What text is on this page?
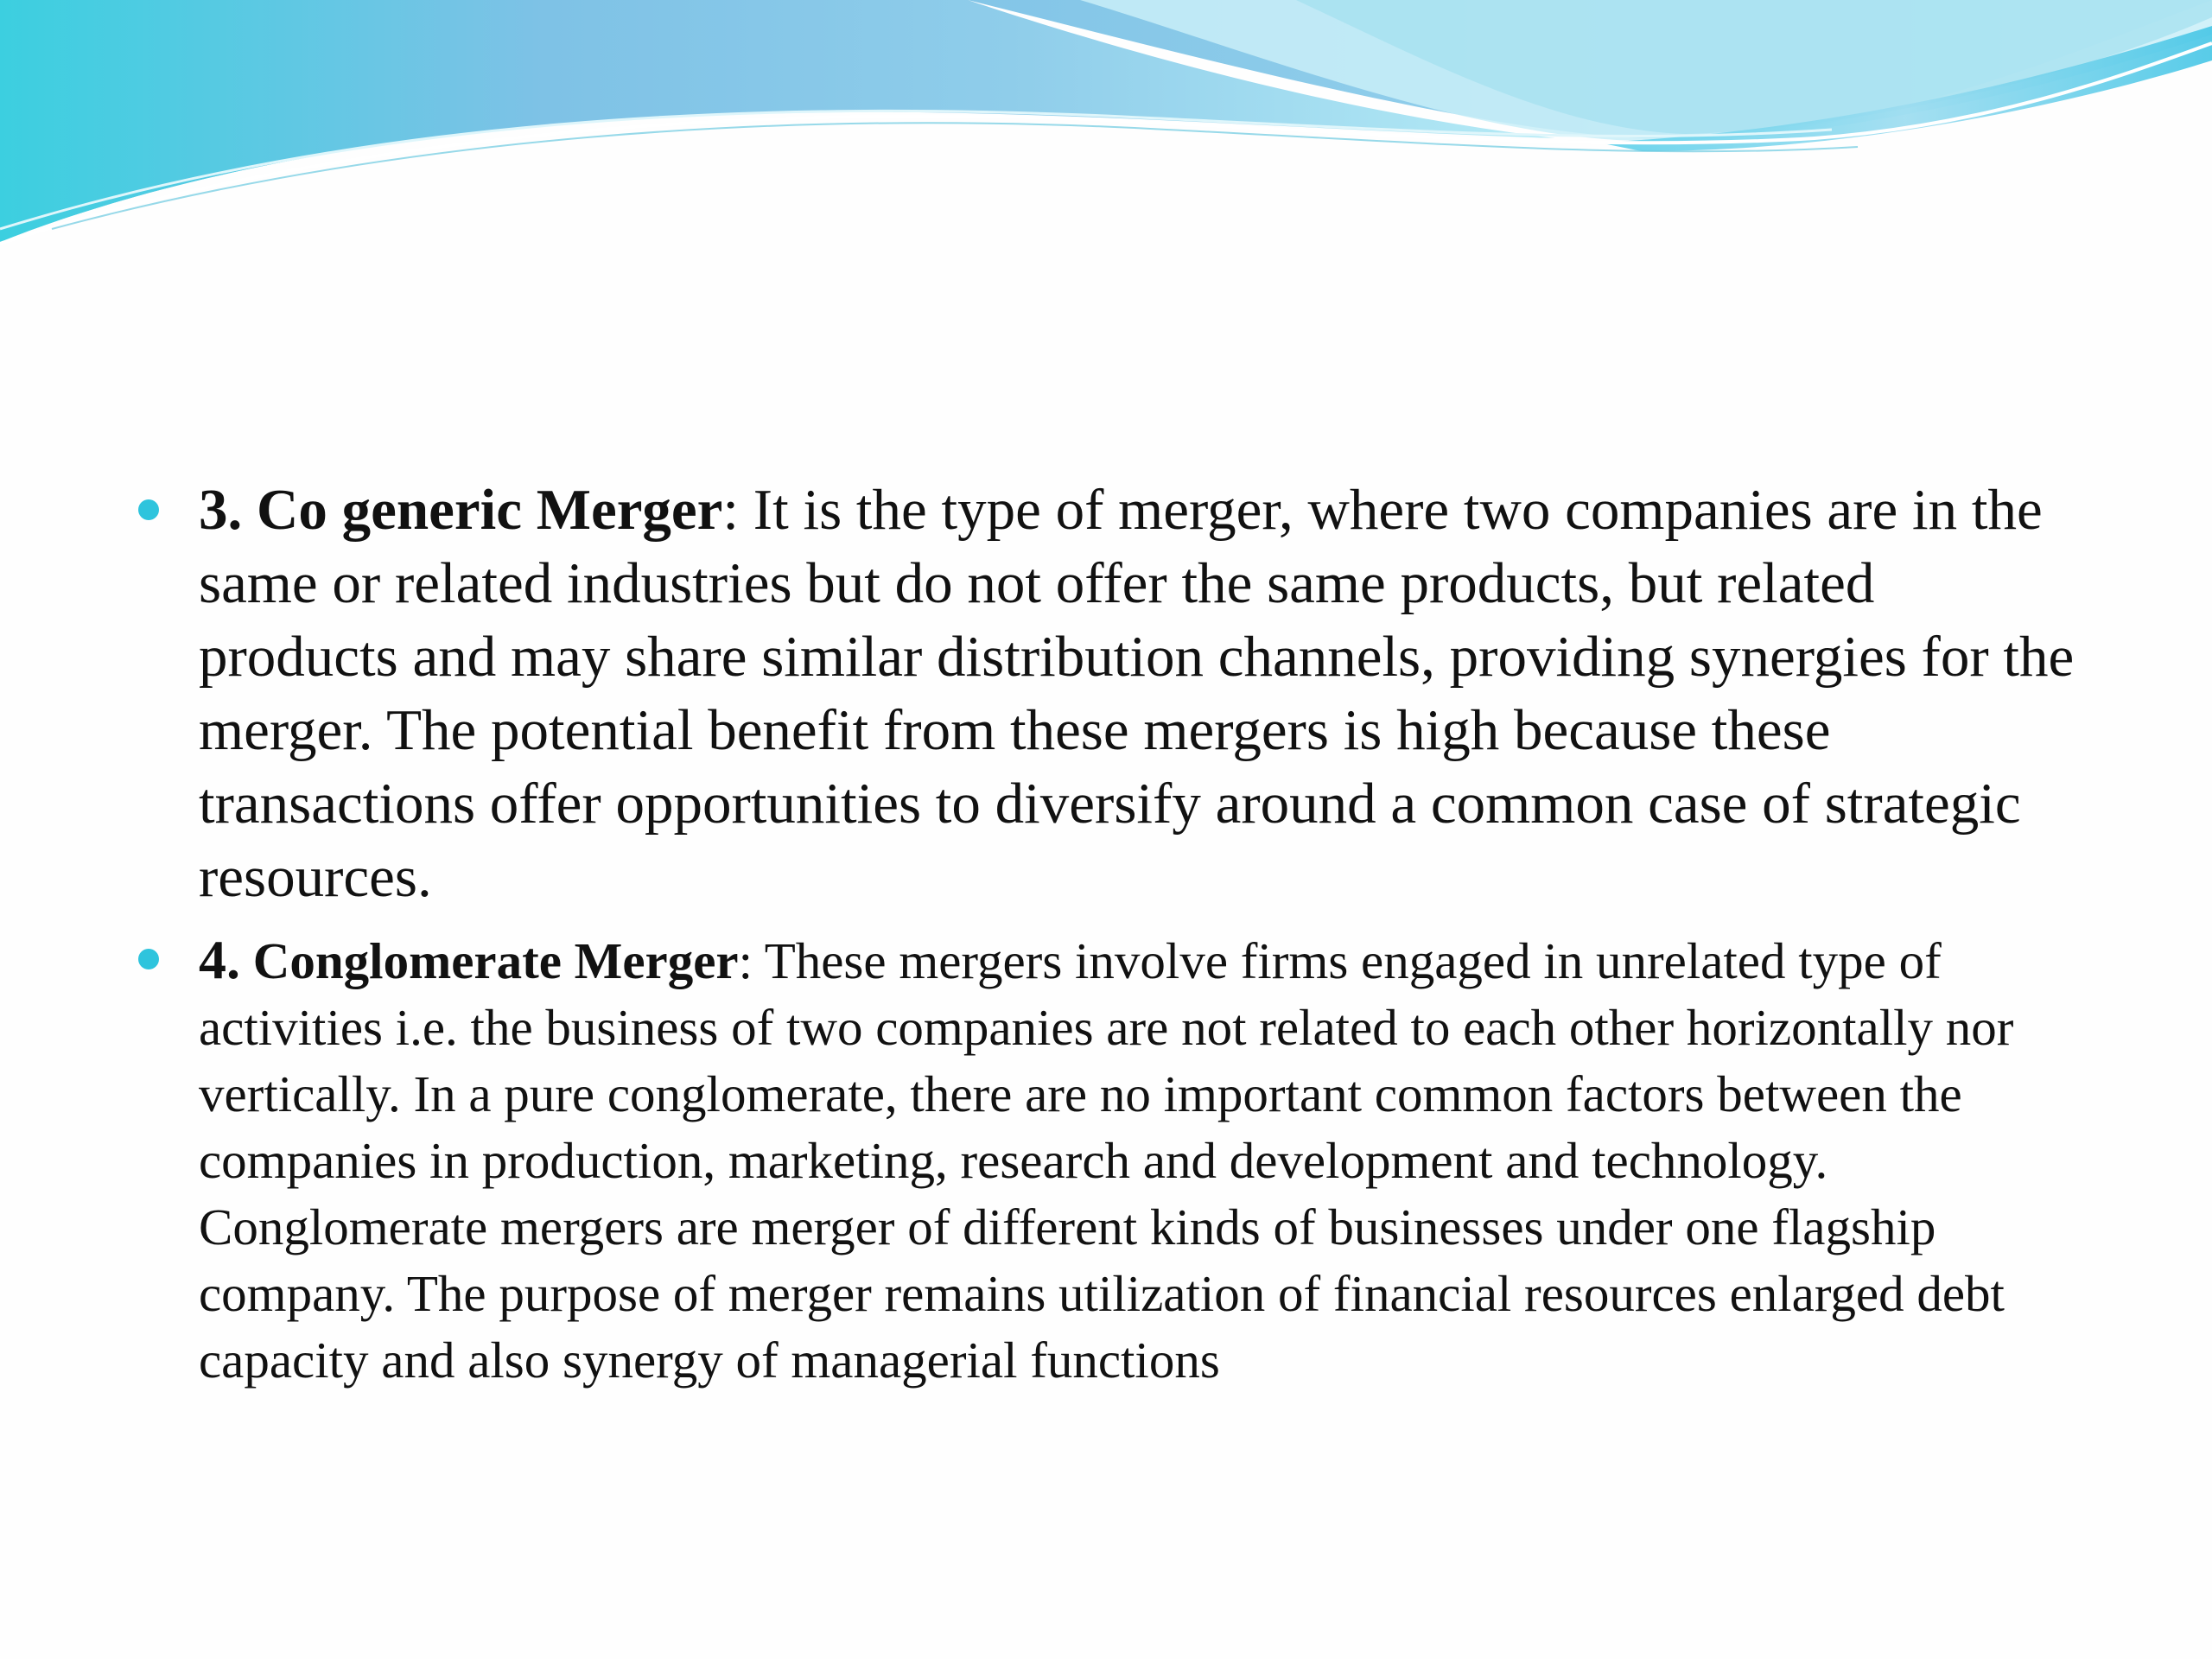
3. Co generic Merger: It is the type of merger, where two companies are in the same or related industries but do not offer the same products, but related products and may share similar distribution channels, providing synergies for the merger. The potential benefit from these mergers is high because these transactions offer opportunities to diversify around a common case of strategic resources.
4. Conglomerate Merger: These mergers involve firms engaged in unrelated type of activities i.e. the business of two companies are not related to each other horizontally nor vertically. In a pure conglomerate, there are no important common factors between the companies in production, marketing, research and development and technology. Conglomerate mergers are merger of different kinds of businesses under one flagship company. The purpose of merger remains utilization of financial resources enlarged debt capacity and also synergy of managerial functions
